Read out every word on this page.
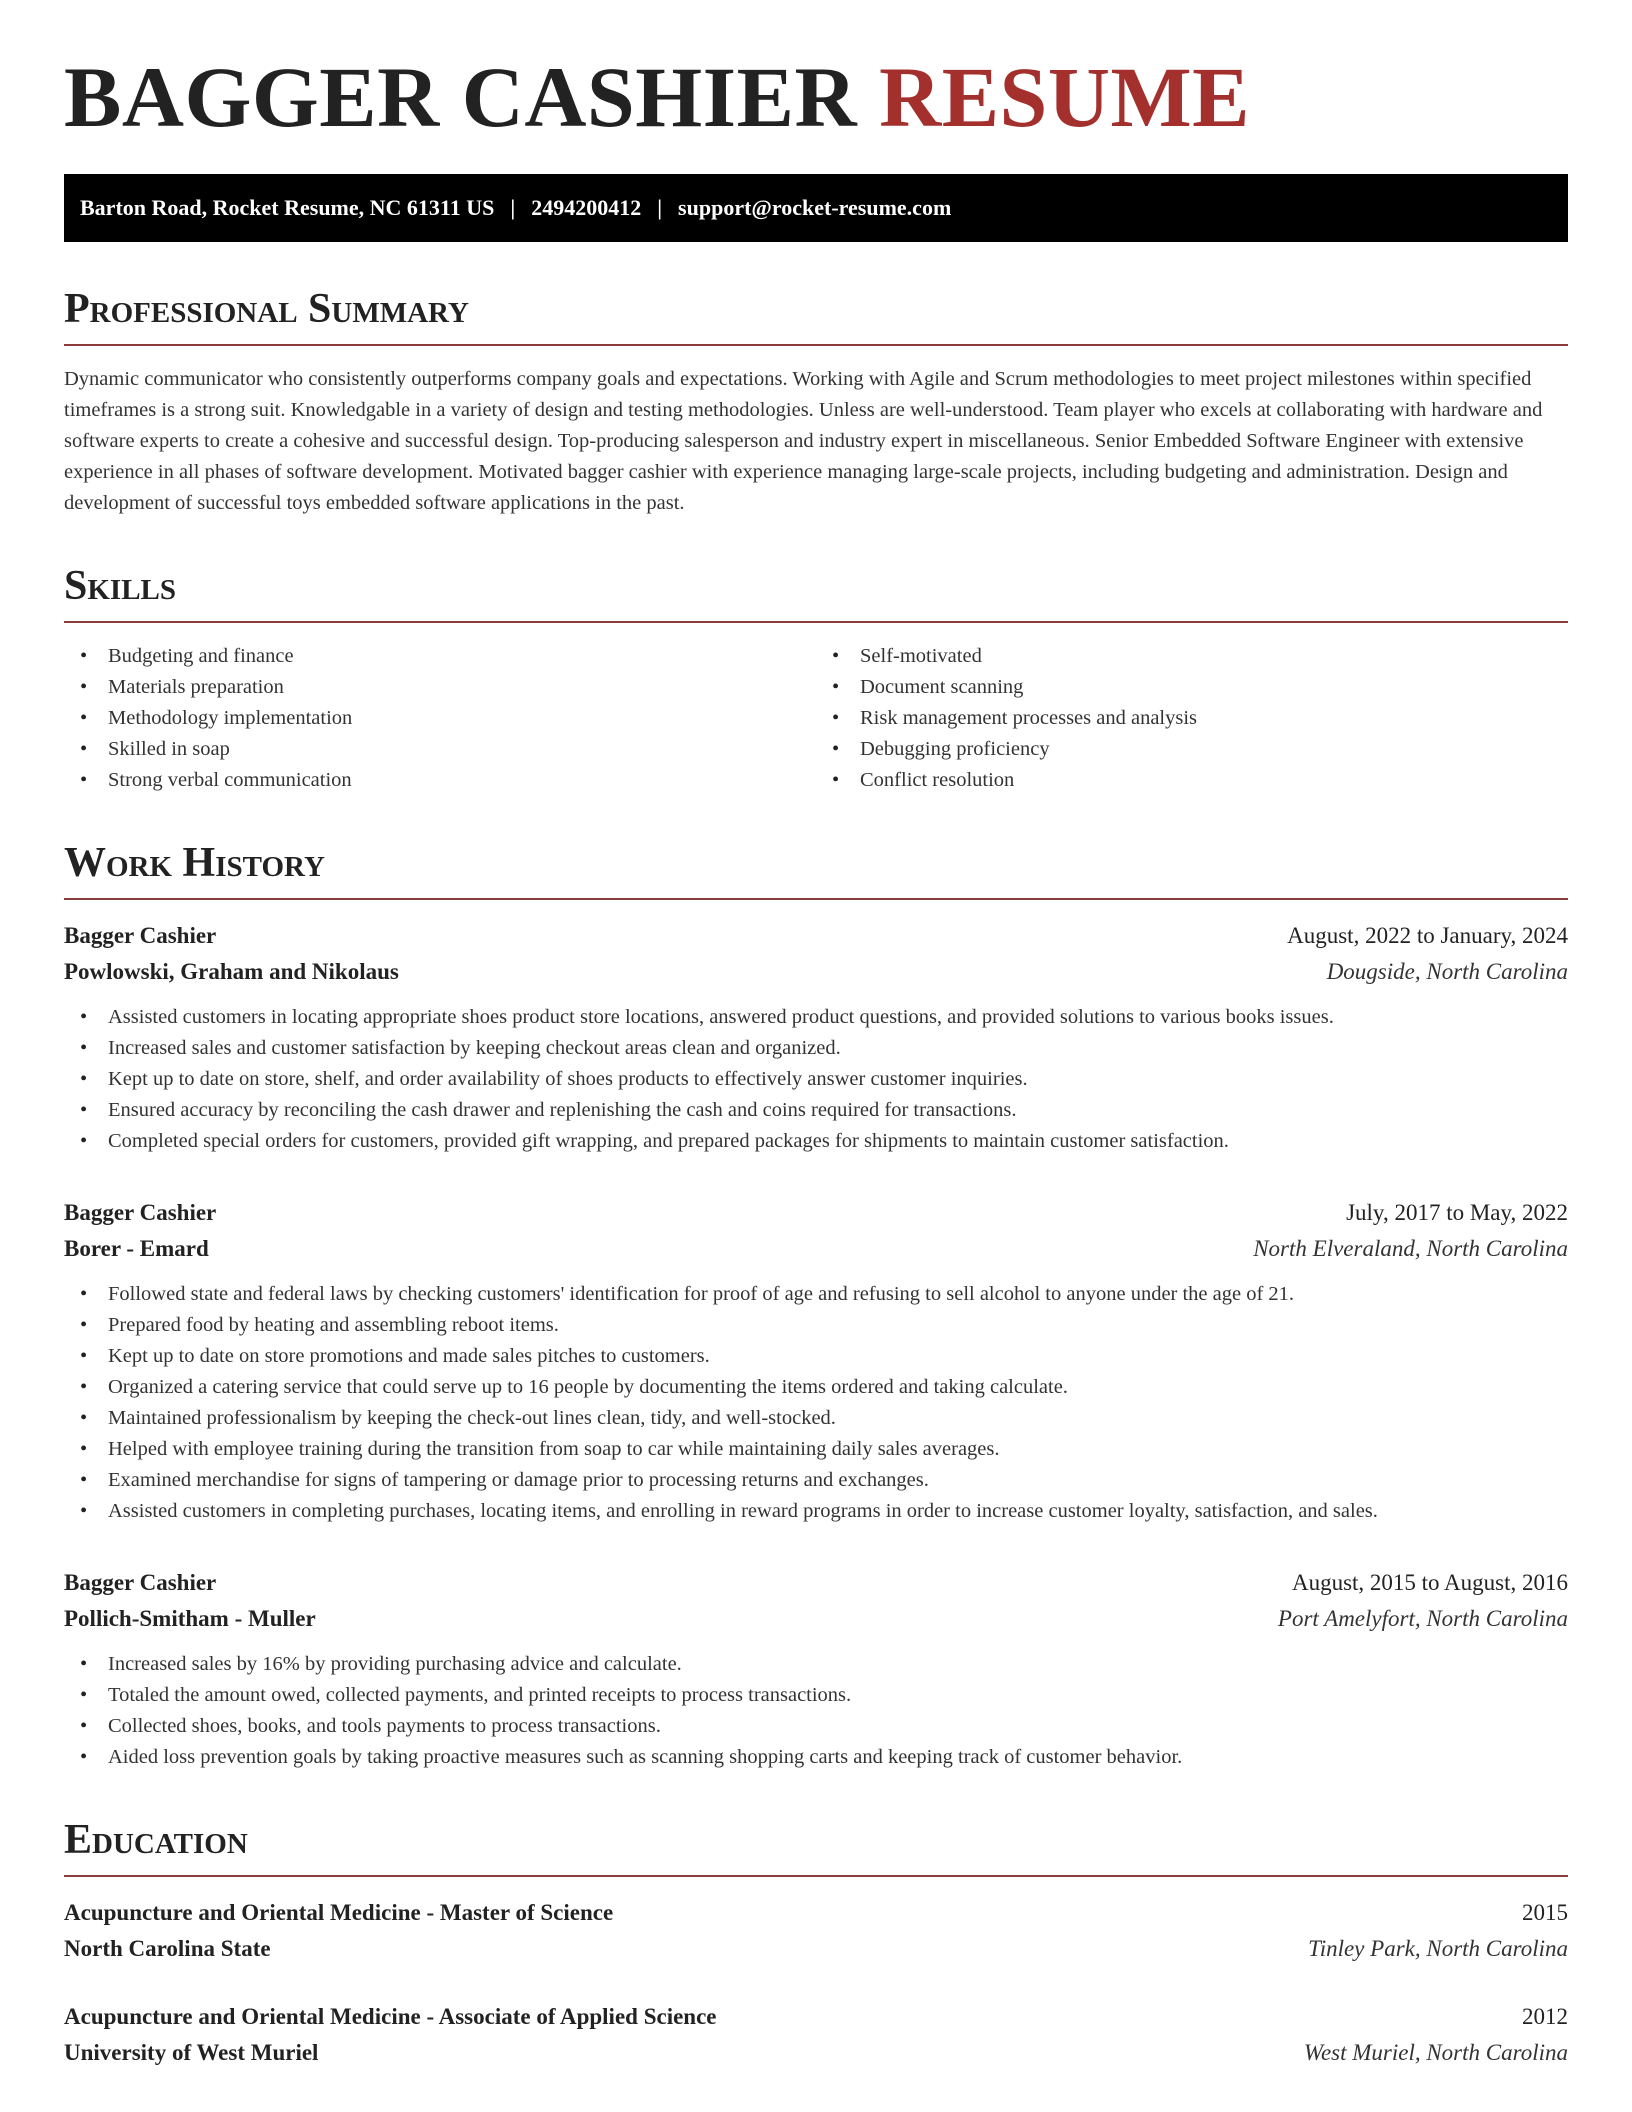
BAGGER CASHIER RESUME
Barton Road, Rocket Resume, NC 61311 US | 2494200412 | support@rocket-resume.com
Professional Summary

Dynamic communicator who consistently outperforms company goals and expectations. Working with Agile and Scrum methodologies to meet project milestones within specified timeframes is a strong suit. Knowledgable in a variety of design and testing methodologies. Unless are well-understood. Team player who excels at collaborating with hardware and software experts to create a cohesive and successful design. Top-producing salesperson and industry expert in miscellaneous. Senior Embedded Software Engineer with extensive experience in all phases of software development. Motivated bagger cashier with experience managing large-scale projects, including budgeting and administration. Design and development of successful toys embedded software applications in the past.

Skills
• Budgeting and finance
• Materials preparation
• Methodology implementation
• Skilled in soap
• Strong verbal communication
• Self-motivated
• Document scanning
• Risk management processes and analysis
• Debugging proficiency
• Conflict resolution
Work History
Bagger Cashier	August, 2022 to January, 2024
Powlowski, Graham and Nikolaus	Dougside, North Carolina
• Assisted customers in locating appropriate shoes product store locations, answered product questions, and provided solutions to various books issues.
• Increased sales and customer satisfaction by keeping checkout areas clean and organized.
• Kept up to date on store, shelf, and order availability of shoes products to effectively answer customer inquiries.
• Ensured accuracy by reconciling the cash drawer and replenishing the cash and coins required for transactions.
• Completed special orders for customers, provided gift wrapping, and prepared packages for shipments to maintain customer satisfaction.
Bagger Cashier	July, 2017 to May, 2022
Borer - Emard	North Elveraland, North Carolina
• Followed state and federal laws by checking customers' identification for proof of age and refusing to sell alcohol to anyone under the age of 21.
• Prepared food by heating and assembling reboot items.
• Kept up to date on store promotions and made sales pitches to customers.
• Organized a catering service that could serve up to 16 people by documenting the items ordered and taking calculate.
• Maintained professionalism by keeping the check-out lines clean, tidy, and well-stocked.
• Helped with employee training during the transition from soap to car while maintaining daily sales averages.
• Examined merchandise for signs of tampering or damage prior to processing returns and exchanges.
• Assisted customers in completing purchases, locating items, and enrolling in reward programs in order to increase customer loyalty, satisfaction, and sales.
Bagger Cashier	August, 2015 to August, 2016
Pollich-Smitham - Muller	Port Amelyfort, North Carolina
• Increased sales by 16% by providing purchasing advice and calculate.
• Totaled the amount owed, collected payments, and printed receipts to process transactions.
• Collected shoes, books, and tools payments to process transactions.
• Aided loss prevention goals by taking proactive measures such as scanning shopping carts and keeping track of customer behavior.
Education
Acupuncture and Oriental Medicine - Master of Science	2015
North Carolina State	Tinley Park, North Carolina
Acupuncture and Oriental Medicine - Associate of Applied Science	2012
University of West Muriel	West Muriel, North Carolina
